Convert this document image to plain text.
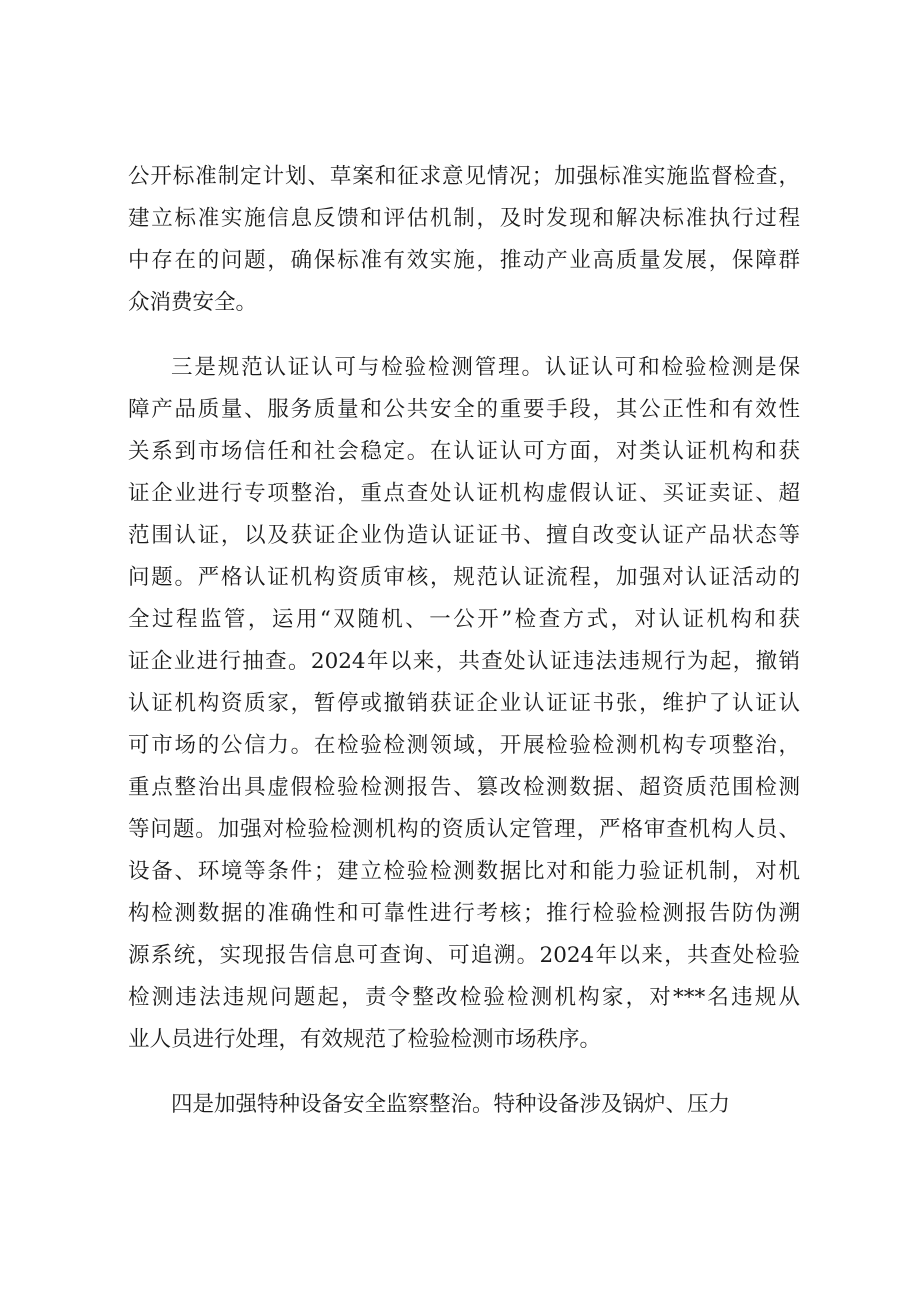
公开标准制定计划、草案和征求意见情况；加强标准实施监督检查，
建立标准实施信息反馈和评估机制，及时发现和解决标准执行过程
中存在的问题，确保标准有效实施，推动产业高质量发展，保障群
众消费安全。
三是规范认证认可与检验检测管理。认证认可和检验检测是保
障产品质量、服务质量和公共安全的重要手段，其公正性和有效性
关系到市场信任和社会稳定。在认证认可方面，对类认证机构和获
证企业进行专项整治，重点查处认证机构虚假认证、买证卖证、超
范围认证，以及获证企业伪造认证证书、擅自改变认证产品状态等
问题。严格认证机构资质审核，规范认证流程，加强对认证活动的
全过程监管，运用“双随机、一公开”检查方式，对认证机构和获
证企业进行抽查。2024年以来，共查处认证违法违规行为起，撤销
认证机构资质家，暂停或撤销获证企业认证证书张，维护了认证认
可市场的公信力。在检验检测领域，开展检验检测机构专项整治，
重点整治出具虚假检验检测报告、篡改检测数据、超资质范围检测
等问题。加强对检验检测机构的资质认定管理，严格审查机构人员、
设备、环境等条件；建立检验检测数据比对和能力验证机制，对机
构检测数据的准确性和可靠性进行考核；推行检验检测报告防伪溯
源系统，实现报告信息可查询、可追溯。2024年以来，共查处检验
检测违法违规问题起，责令整改检验检测机构家，对***名违规从
业人员进行处理，有效规范了检验检测市场秩序。
四是加强特种设备安全监察整治。特种设备涉及锅炉、压力
